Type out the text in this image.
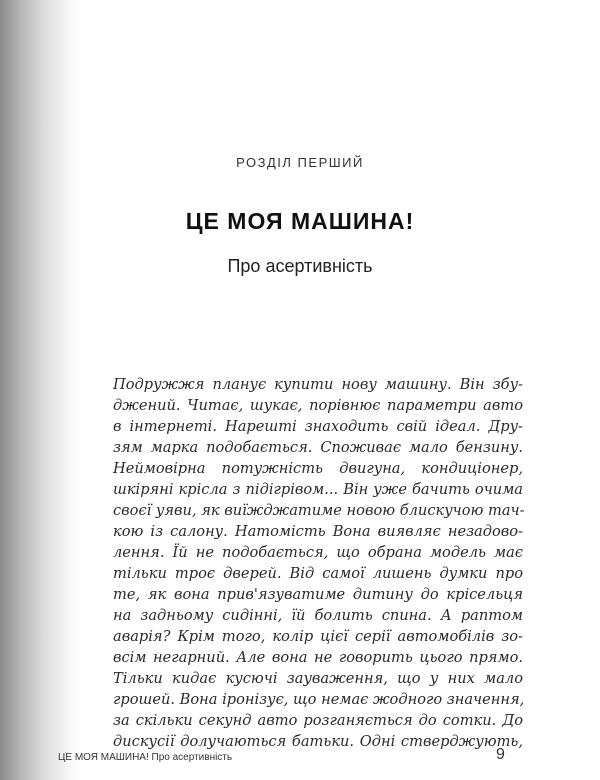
РОЗДІЛ ПЕРШИЙ
ЦЕ МОЯ МАШИНА!
Про асертивність
Подружжя планує купити нову машину. Він збу-
джений. Читає, шукає, порівнює параметри авто
в інтернеті. Нарешті знаходить свій ідеал. Дру-
зям марка подобається. Споживає мало бензину.
Неймовірна потужність двигуна, кондиціонер,
шкіряні крісла з підігрівом... Він уже бачить очима
своєї уяви, як виїжджатиме новою блискучою тач-
кою із салону. Натомість Вона виявляє незадово-
лення. Їй не подобається, що обрана модель має
тільки троє дверей. Від самої лишень думки про
те, як вона прив'язуватиме дитину до крісельця
на задньому сидінні, їй болить спина. А раптом
аварія? Крім того, колір цієї серії автомобілів зо-
всім негарний. Але вона не говорить цього прямо.
Тільки кидає кусючі зауваження, що у них мало
грошей. Вона іронізує, що немає жодного значення,
за скільки секунд авто розганяється до сотки. До
дискусії долучаються батьки. Одні стверджують,
ЦЕ МОЯ МАШИНА! Про асертивність	9
